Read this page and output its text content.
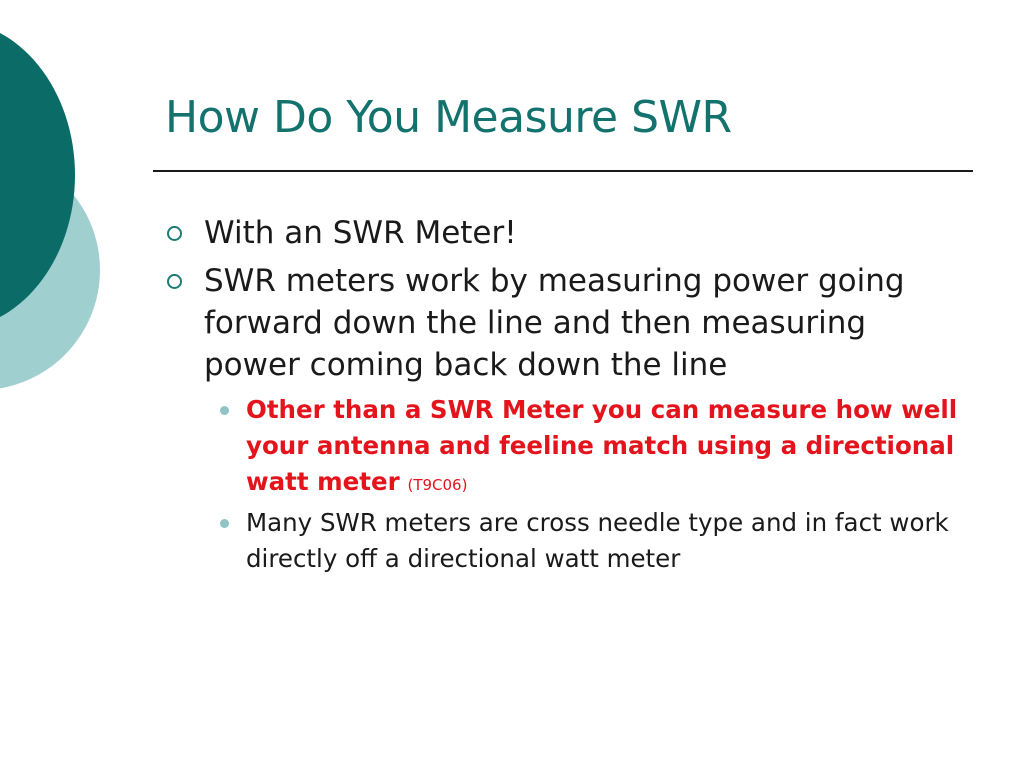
How Do You Measure SWR
With an SWR Meter!
SWR meters work by measuring power going forward down the line and then measuring power coming back down the line
Other than a SWR Meter you can measure how well your antenna and feeline match using a directional watt meter (T9C06)
Many SWR meters are cross needle type and in fact work directly off a directional watt meter
